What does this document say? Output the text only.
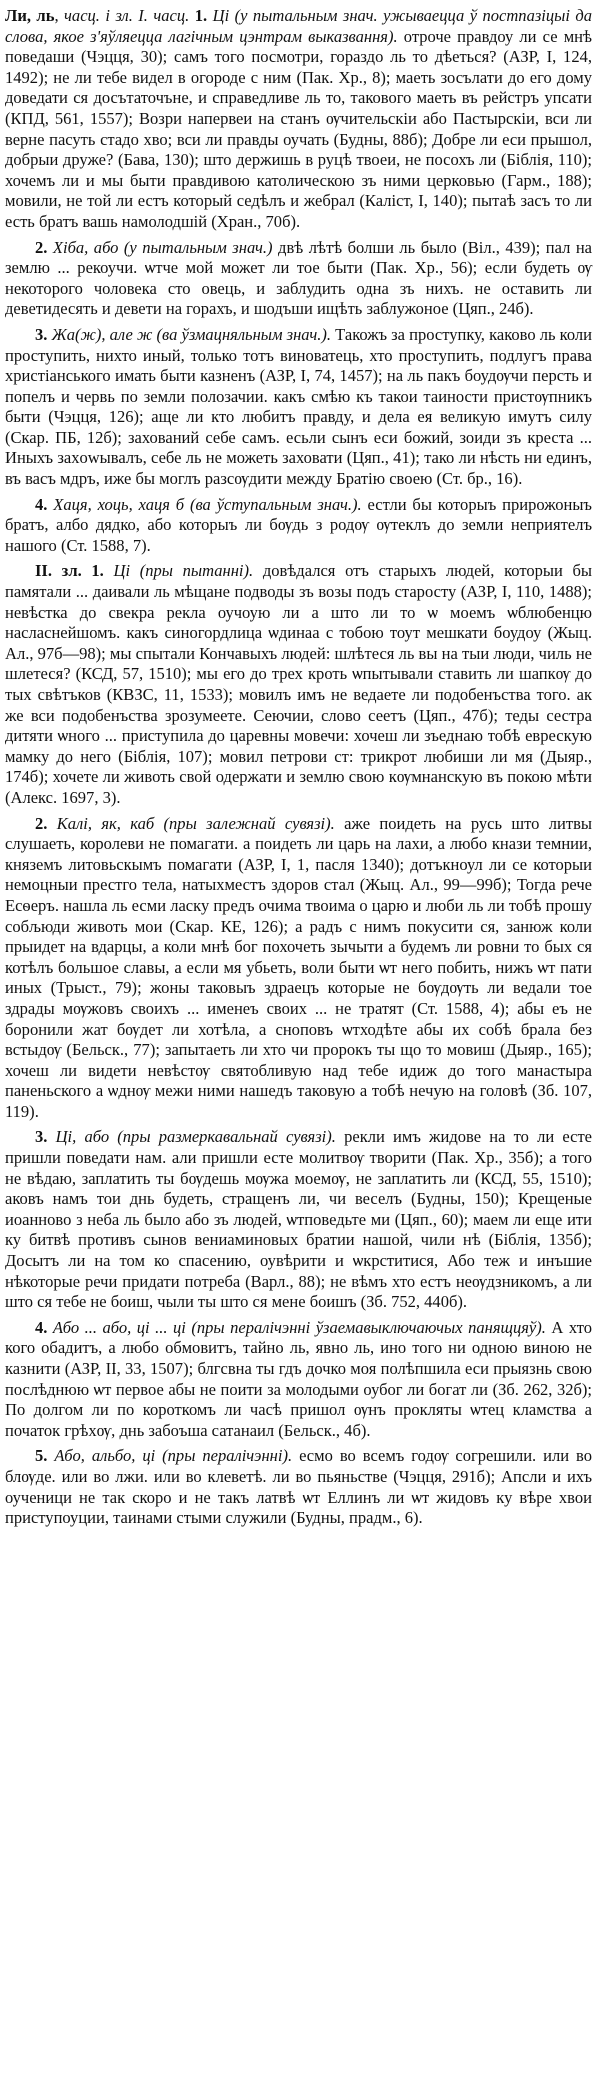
Ли, ль, часц. і зл. І. часц. 1. Ці (у пытальным знач. ужываецца ў постпазіцыі да слова, якое з'яўляецца лагічным цэнтрам выказвання). отроче правдоу ли се мнѣ поведаши (Чэцця, 30); самъ того посмотри, гораздо ль то дѣеться? (АЗР, I, 124, 1492); не ли тебе видел в огороде с ним (Пак. Хр., 8); маеть зосълати до его дому доведати ся досътаточъне, и справедливе ль то, такового маеть въ рейстръ упсати (КПД, 561, 1557); Возри напервеи на станъ ѹчительскіи або Пастырскіи, вси ли верне пасуть стадо хво; вси ли правды оучать (Будны, 88б); Добре ли еси прышол, добрыи друже? (Бава, 130); што держишь в руцѣ твоеи, не посохъ ли (Біблія, 110); хочемъ ли и мы быти правдивою католическою зъ ними церковью (Гарм., 188); мовили, не той ли естъ который седѣлъ и жебрал (Каліст, I, 140); пытаѣ засъ то ли есть братъ вашь намолодшій (Хран., 70б).

2. Хіба, або (у пытальным знач.) двѣ лѣтѣ болши ль было (Віл., 439); пал на землю ... рекоучи. ѡтче мой может ли тое быти (Пак. Хр., 56); если будеть ѹ некоторого чоловека сто овець, и заблудить одна зъ нихъ. не оставить ли деветидесять и девети на горахъ, и шодъши ищѣть заблужоное (Цяп., 24б).

3. Жа(ж), але ж (ва ўзмацняльным знач.). Такожъ за проступку, каково ль коли проступить, нихто иный, только тотъ виноватець, хто проступить, подлугъ права христіанського имать быти казненъ (АЗР, I, 74, 1457); на ль пакъ боудѹчи персть и попелъ и червь по земли полозачии. какъ смѣю къ такои таиности пристѹпникъ быти (Чэцця, 126); аще ли кто любитъ правду, и дела ея великую имутъ силу (Скар. ПБ, 12б); захований себе самъ. есьли сынъ еси божий, зоиди зъ креста ... Иныхъ захowывалъ, себе ль не можеть заховати (Цяп., 41); тако ли нѣсть ни единъ, въ васъ мдръ, иже бы моглъ разсѹдити между Братію своею (Ст. бр., 16).

4. Хаця, хоць, хаця б (ва ўступальным знач.). естли бы которыъ прирожоныъ братъ, албо дядко, або которыъ ли бѹдь з родѹ ѹтеклъ до земли неприятелъ нашого (Ст. 1588, 7).

ІІ. зл. 1. Ці (пры пытанні). довѣдался отъ старыхъ людей, которыи бы памятали ... даивали ль мѣщане подводы зъ возы подъ старосту (АЗР, I, 110, 1488); невѣстка до свекра рекла оучоую ли а што ли то ѡ моемъ ѡблюбенцю насласнейшомъ. какъ синогордлица ѡдинаа с тобою тоут мешкати боудоу (Жыц. Ал., 97б—98); мы спытали Кончавыхъ людей: шлѣтеся ль вы на тыи люди, чиль не шлетеся? (КСД, 57, 1510); мы его до трех кроть ѡпытывали ставить ли шапкѹ до тых свѣтъков (КВЗС, 11, 1533); мовилъ имъ не ведаете ли подобенъства того. ак же вси подобенъства зрозумеете. Сеючии, слово сеетъ (Цяп., 47б); теды сестра дитяти ѡного ... приступила до царевны мовечи: хочеш ли зъеднаю тобѣ еврескую мамку до него (Біблія, 107); мовил петрови ст: трикрот любиши ли мя (Дыяр., 174б); хочете ли животь свой одержати и землю свою кѹмнанскую въ покою мѣти (Алекс. 1697, 3).

2. Калі, як, каб (пры залежнай сувязі). аже поидеть на русь што литвы слушаеть, королеви не помагати. а поидеть ли царь на лахи, а любо кнази темнии, княземъ литовьскымъ помагати (АЗР, I, 1, пасля 1340); дотъкноул ли се которыи немоцныи престго тела, натыхместъ здоров стал (Жыц. Ал., 99—99б); Тогда рече Есѳеръ. нашла ль есми ласку предъ очима твоима о царю и люби ль ли тобѣ прошу собљюди животь мои (Скар. КЕ, 126); а радъ с нимъ покусити ся, занюж коли прыидет на вдарцы, а коли мнѣ бог похочеть зычыти а будемъ ли ровни то бых ся котѣлъ большое славы, а если мя убьеть, воли быти ѡт него побить, нижъ ѡт пати иных (Трыст., 79); жоны таковыъ здраецъ которые не бѹдѹть ли ведали тое здрады мѹжовъ своихъ ... именеъ своих ... не тратят (Ст. 1588, 4); абы еъ не боронили жат бѹдет ли хотѣла, а сноповъ ѡтходѣте абы их собѣ брала без встыдѹ (Бельск., 77); запытаеть ли хто чи пророкъ ты що то мовиш (Дыяр., 165); хочеш ли видети невѣстѹ святобливую над тебе идиж до того манастыра паненьского а ѡднѹ межи ними нашедъ таковую а тобѣ нечую на головѣ (Зб. 107, 119).

3. Ці, або (пры размеркавальнай сувязі). рекли имъ жидове на то ли есте пришли поведати нам. али пришли есте молитвѹ творити (Пак. Хр., 35б); а того не вѣдаю, заплатить ты бѹдешь мѹжа моемѹ, не заплатить ли (КСД, 55, 1510); аковъ намъ тои днь будеть, стращенъ ли, чи веселъ (Будны, 150); Крещеные иоанново з неба ль было або зъ людей, ѡтповедьте ми (Цяп., 60); маем ли еще ити ку битвѣ противъ сынов вениаминовых братии нашой, чили нѣ (Біблія, 135б); Досытъ ли на том ко спасению, оувѣрити и ѡкрститися, Або теж и инъшие нѣкоторые речи придати потреба (Варл., 88); не вѣмъ хто естъ неѹдзникомъ, а ли што ся тебе не боиш, чыли ты што ся мене боишъ (Зб. 752, 440б).

4. Або ... або, ці ... ці (пры пералічэнні ўзаемавыключаючых панящцяў). А хто кого обадитъ, а любо обмовитъ, тайно ль, явно ль, ино того ни одною виною не казнити (АЗР, II, 33, 1507); блгсвна ты гдъ дочко моя полѣпшила еси прыязнь свою послѣднюю ѡт первое абы не поити за молодыми оубог ли богат ли (Зб. 262, 32б); По долгом ли по короткомъ ли часѣ пришол ѹнъ прокляты ѡтец кламства а початок грѣхѹ, днь забоъша сатанаил (Бельск., 4б).

5. Абo, альбо, ці (пры пералічэнні). есмо во всемъ годѹ согрешили. или во блѹде. или во лжи. или во клеветѣ. ли во пьяньстве (Чэцця, 291б); Апсли и ихъ оученици не так скоро и не такъ латвѣ ѡт Еллинъ ли ѡт жидовъ ку вѣре хвои приступоуции, таинами стыми служили (Будны, прадм., 6).
